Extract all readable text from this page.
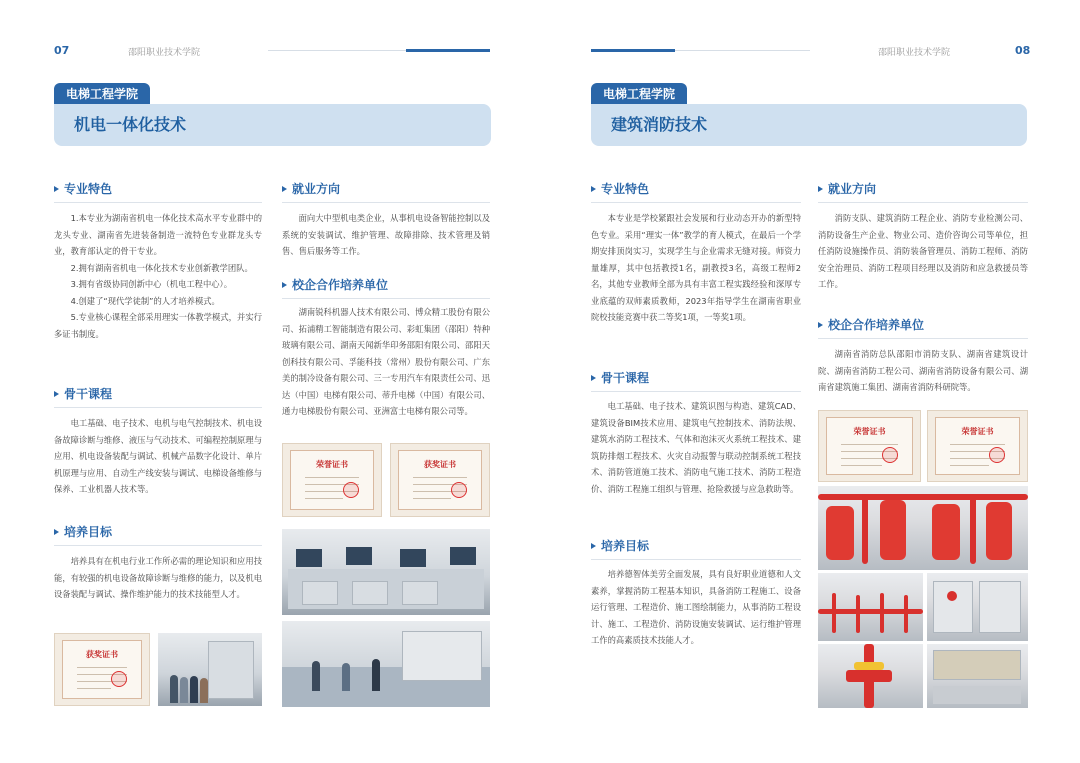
07	邵阳职业技术学院
电梯工程学院
机电一体化技术
专业特色

1.本专业为湖南省机电一体化技术高水平专业群中的龙头专业、湖南省先进装备制造一流特色专业群龙头专业，教育部认定的骨干专业。

2.拥有湖南省机电一体化技术专业创新教学团队。

3.拥有省级协同创新中心（机电工程中心）。

4.创建了“现代学徒制”的人才培养模式。

5.专业核心课程全部采用理实一体教学模式，并实行多证书制度。

骨干课程
电工基础、电子技术、电机与电气控制技术、机电设备故障诊断与维修、液压与气动技术、可编程控制原理与应用、机电设备装配与调试、机械产品数字化设计、单片机原理与应用、自动生产线安装与调试、电梯设备维修与保养、工业机器人技术等。
培养目标
培养具有在机电行业工作所必需的理论知识和应用技能，有较强的机电设备故障诊断与维修的能力，以及机电设备装配与调试、操作维护能力的技术技能型人才。
获奖证书
就业方向
面向大中型机电类企业，从事机电设备智能控制以及系统的安装调试、维护管理、故障排除、技术管理及销售、售后服务等工作。
校企合作培养单位
湖南锐科机器人技术有限公司、博众精工股份有限公司、拓浦精工智能制造有限公司、彩虹集团（邵阳）特种玻璃有限公司、湖南天闻新华印务邵阳有限公司、邵阳天创科技有限公司、孚能科技（常州）股份有限公司、广东美的制冷设备有限公司、三一专用汽车有限责任公司、迅达（中国）电梯有限公司、蒂升电梯（中国）有限公司、通力电梯股份有限公司、亚洲富士电梯有限公司等。
荣誉证书	获奖证书
邵阳职业技术学院	08
电梯工程学院
建筑消防技术
专业特色
本专业是学校紧跟社会发展和行业动态开办的新型特色专业。采用“理实一体”教学的育人模式，在最后一个学期安排顶岗实习，实现学生与企业需求无缝对接。师资力量雄厚，其中包括教授1名，副教授3名，高级工程师2名，其他专业教师全部为具有丰富工程实践经验和深厚专业底蕴的双师素质教师，2023年指导学生在湖南省职业院校技能竞赛中获二等奖1项，一等奖1项。
骨干课程
电工基础、电子技术、建筑识图与构造、建筑CAD、建筑设备BIM技术应用、建筑电气控制技术、消防法规、建筑水消防工程技术、气体和泡沫灭火系统工程技术、建筑防排烟工程技术、火灾自动报警与联动控制系统工程技术、消防管道施工技术、消防电气施工技术、消防工程造价、消防工程施工组织与管理、抢险救援与应急救助等。
培养目标
培养德智体美劳全面发展，具有良好职业道德和人文素养，掌握消防工程基本知识，具备消防工程施工、设备运行管理、工程造价、施工图绘制能力，从事消防工程设计、施工、工程造价、消防设施安装调试、运行维护管理工作的高素质技术技能人才。
就业方向
消防支队、建筑消防工程企业、消防专业检测公司、消防设备生产企业、物业公司、造价咨询公司等单位，担任消防设施操作员、消防装备管理员、消防工程师、消防安全治理员、消防工程项目经理以及消防和应急救援员等工作。
校企合作培养单位
湖南省消防总队邵阳市消防支队、湖南省建筑设计院、湖南省消防工程公司、湖南省消防设备有限公司、湖南省建筑施工集团、湖南省消防科研院等。
荣誉证书	荣誉证书
